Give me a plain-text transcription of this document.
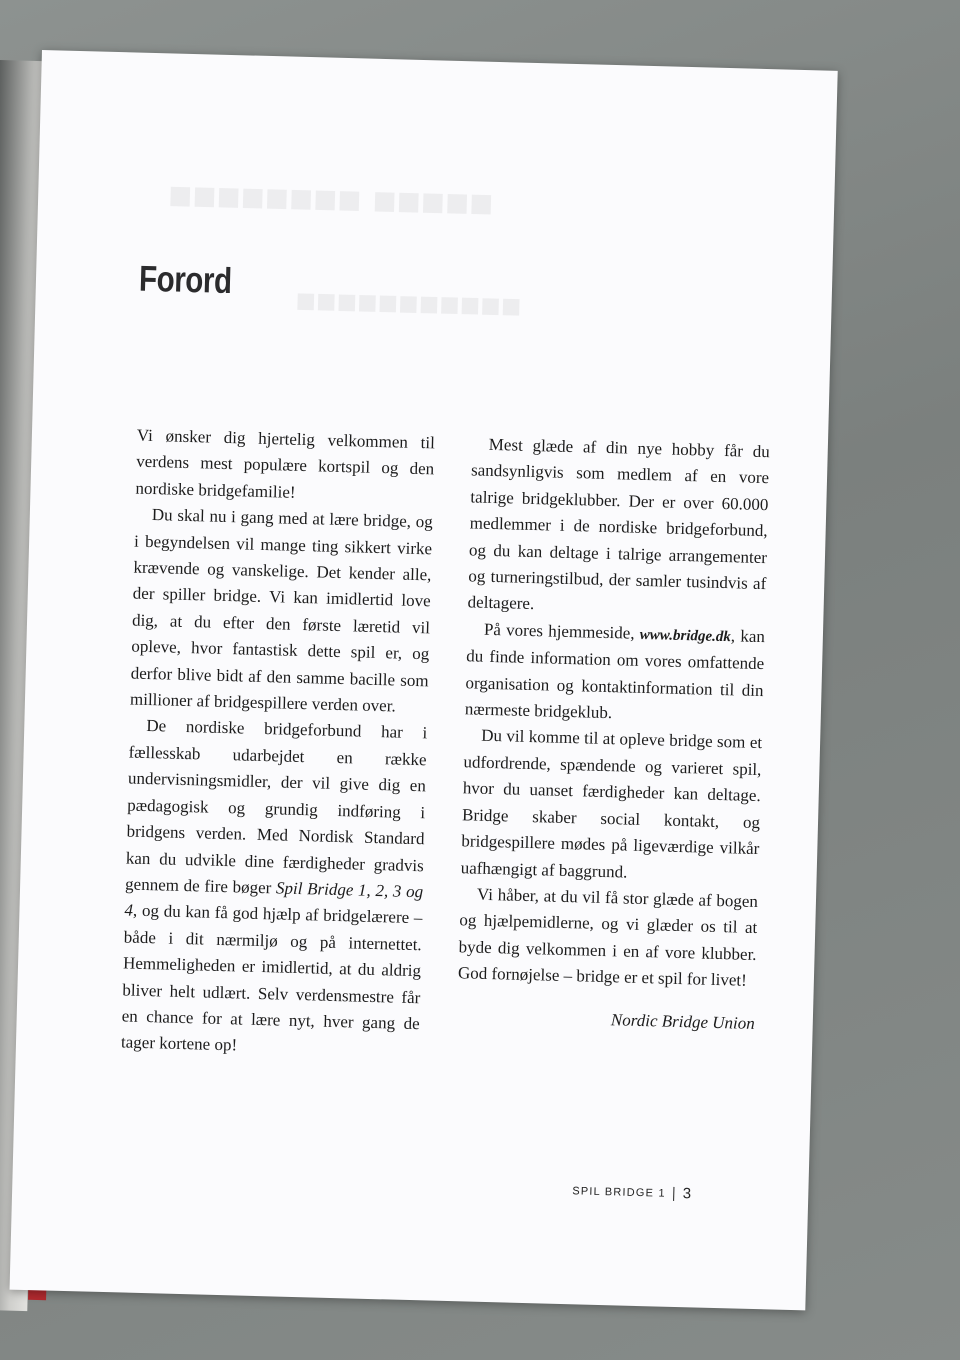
■■■■■ ■■■■■■■■
■■■■■■■■■■■
Forord

Vi ønsker dig hjertelig velkommen til verdens mest populære kortspil og den nordiske bridgefamilie!

Du skal nu i gang med at lære bridge, og i begyndelsen vil mange ting sikkert virke krævende og vanskelige. Det kender alle, der spiller bridge. Vi kan imidlertid love dig, at du efter den første læretid vil opleve, hvor fantastisk dette spil er, og derfor blive bidt af den samme bacille som millioner af bridgespillere verden over.

De nordiske bridgeforbund har i fællesskab udarbejdet en række undervisningsmidler, der vil give dig en pædagogisk og grundig indføring i bridgens verden. Med Nordisk Standard kan du udvikle dine færdigheder gradvis gennem de fire bøger Spil Bridge 1, 2, 3 og 4, og du kan få god hjælp af bridgelærere – både i dit nærmiljø og på internettet. Hemmeligheden er imidlertid, at du aldrig bliver helt udlært. Selv verdensmestre får en chance for at lære nyt, hver gang de tager kortene op!

Mest glæde af din nye hobby får du sandsynligvis som medlem af en vore talrige bridgeklubber. Der er over 60.000 medlemmer i de nordiske bridgeforbund, og du kan deltage i talrige arrangementer og turneringstilbud, der samler tusindvis af deltagere.

På vores hjemmeside, www.bridge.dk, kan du finde information om vores omfattende organisation og kontaktinformation til din nærmeste bridgeklub.

Du vil komme til at opleve bridge som et udfordrende, spændende og varieret spil, hvor du uanset færdigheder kan deltage. Bridge skaber social kontakt, og bridgespillere mødes på ligeværdige vilkår uafhængigt af baggrund.

Vi håber, at du vil få stor glæde af bogen og hjælpemidlerne, og vi glæder os til at byde dig velkommen i en af vore klubber. God fornøjelse – bridge er et spil for livet!

Nordic Bridge Union

SPIL BRIDGE 1 3
